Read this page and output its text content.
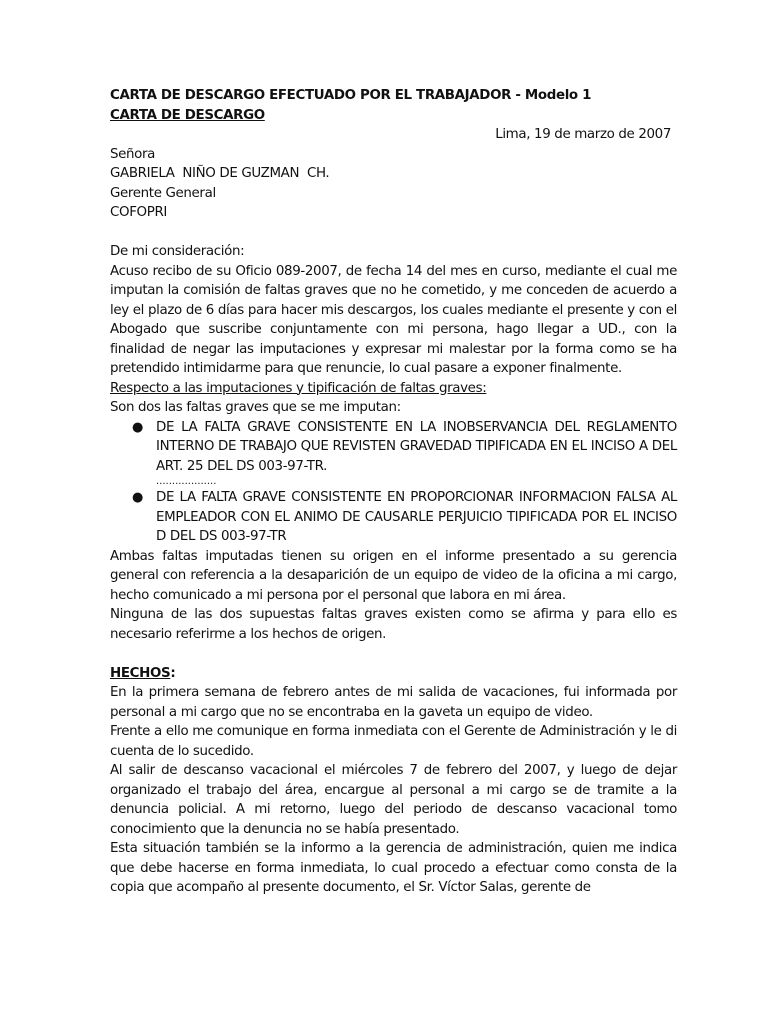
CARTA DE DESCARGO EFECTUADO POR EL TRABAJADOR - Modelo 1

CARTA DE DESCARGO

Lima, 19 de marzo de 2007

Señora

GABRIELA  NIÑO DE GUZMAN  CH.

Gerente General

COFOPRI

De mi consideración:

Acuso recibo de su Oficio 089-2007, de fecha 14 del mes en curso, mediante el cual me imputan la comisión de faltas graves que no he cometido, y me conceden de acuerdo a ley el plazo de 6 días para hacer mis descargos, los cuales mediante el presente y con el Abogado que suscribe conjuntamente con mi persona, hago llegar a UD., con la finalidad de negar las imputaciones y expresar mi malestar por la forma como se ha pretendido intimidarme para que renuncie, lo cual pasare a exponer finalmente.

Respecto a las imputaciones y tipificación de faltas graves:

Son dos las faltas graves que se me imputan:

● DE LA FALTA GRAVE CONSISTENTE EN LA INOBSERVANCIA DEL REGLAMENTO INTERNO DE TRABAJO QUE REVISTEN GRAVEDAD TIPIFICADA EN EL INCISO A DEL ART. 25 DEL DS 003-97-TR.
...................
● DE LA FALTA GRAVE CONSISTENTE EN PROPORCIONAR INFORMACION FALSA AL EMPLEADOR CON EL ANIMO DE CAUSARLE PERJUICIO TIPIFICADA POR EL INCISO D DEL DS 003-97-TR

Ambas faltas imputadas tienen su origen en el informe presentado a su gerencia general con referencia a la desaparición de un equipo de video de la oficina a mi cargo, hecho comunicado a mi persona por el personal que labora en mi área.

Ninguna de las dos supuestas faltas graves existen como se afirma y para ello es necesario referirme a los hechos de origen.

HECHOS:

En la primera semana de febrero antes de mi salida de vacaciones, fui informada por personal a mi cargo que no se encontraba en la gaveta un equipo de video.

Frente a ello me comunique en forma inmediata con el Gerente de Administración y le di cuenta de lo sucedido.

Al salir de descanso vacacional el miércoles 7 de febrero del 2007, y luego de dejar organizado el trabajo del área, encargue al personal a mi cargo se de tramite a la denuncia policial. A mi retorno, luego del periodo de descanso vacacional tomo conocimiento que la denuncia no se había presentado.

Esta situación también se la informo a la gerencia de administración, quien me indica que debe hacerse en forma inmediata, lo cual procedo a efectuar como consta de la copia que acompaño al presente documento, el Sr. Víctor Salas, gerente de
